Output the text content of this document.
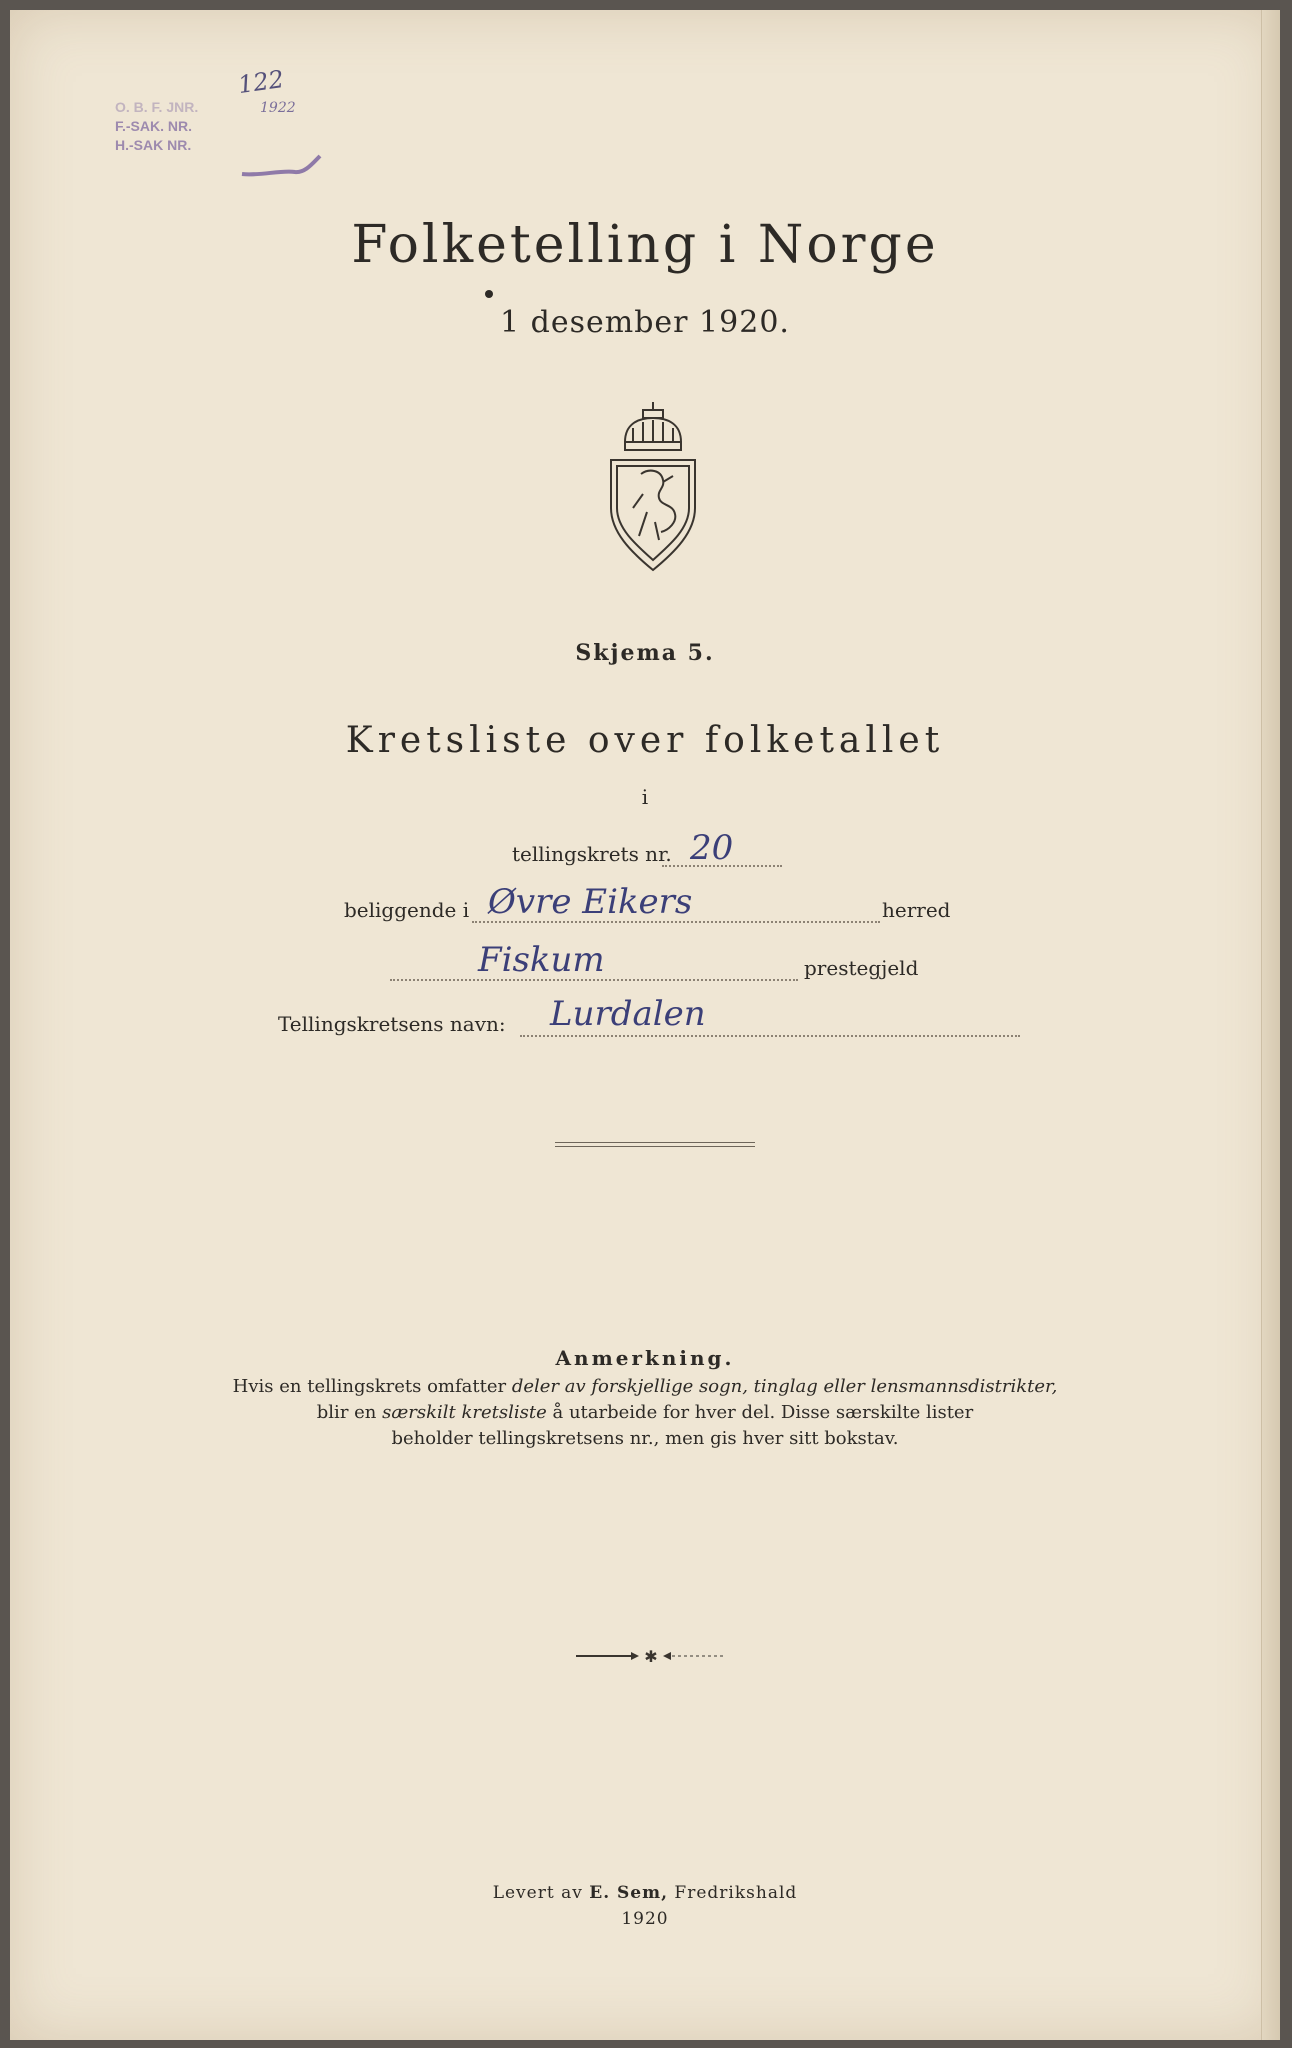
O. B. F. JNR.
F.-SAK. NR.
H.-SAK NR.
122
1922
Folketelling i Norge
1 desember 1920.
Skjema 5.
Kretsliste over folketallet
i
tellingskrets nr. 20
beliggende i Øvre Eikers	herred
Fiskum	prestegjeld
Tellingskretsens navn: Lurdalen
Anmerkning.
Hvis en tellingskrets omfatter deler av forskjellige sogn, tinglag eller lensmannsdistrikter,
blir en særskilt kretsliste å utarbeide for hver del. Disse særskilte lister
beholder tellingskretsens nr., men gis hver sitt bokstav.
✱
Levert av E. Sem, Fredrikshald
1920
